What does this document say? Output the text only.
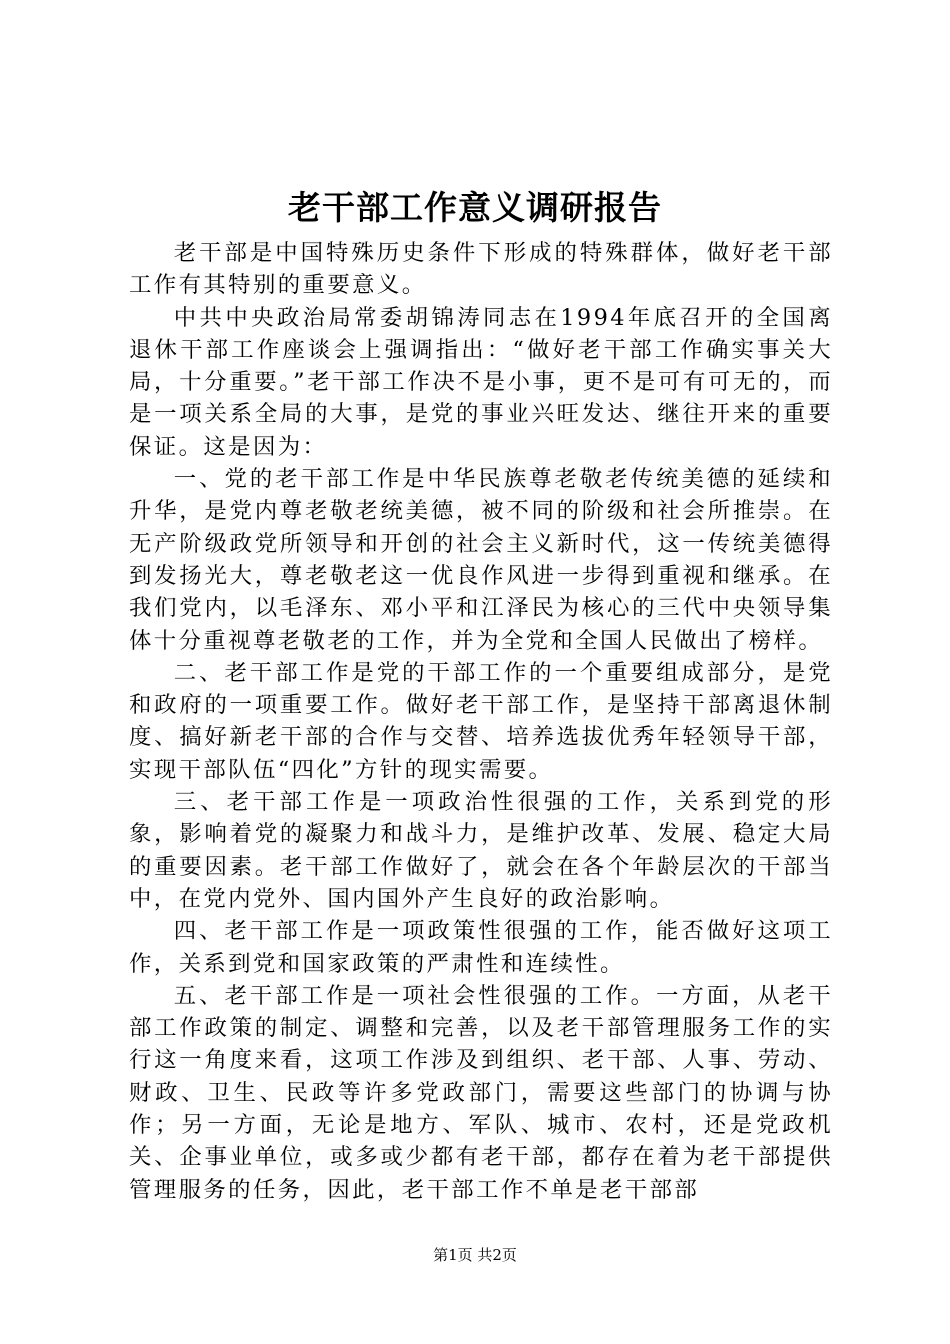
老干部工作意义调研报告

老干部是中国特殊历史条件下形成的特殊群体，做好老干部工作有其特别的重要意义。

中共中央政治局常委胡锦涛同志在1994年底召开的全国离退休干部工作座谈会上强调指出：“做好老干部工作确实事关大局，十分重要。”老干部工作决不是小事，更不是可有可无的，而是一项关系全局的大事，是党的事业兴旺发达、继往开来的重要保证。这是因为：

一、党的老干部工作是中华民族尊老敬老传统美德的延续和升华，是党内尊老敬老统美德，被不同的阶级和社会所推崇。在无产阶级政党所领导和开创的社会主义新时代，这一传统美德得到发扬光大，尊老敬老这一优良作风进一步得到重视和继承。在我们党内，以毛泽东、邓小平和江泽民为核心的三代中央领导集体十分重视尊老敬老的工作，并为全党和全国人民做出了榜样。

二、老干部工作是党的干部工作的一个重要组成部分，是党和政府的一项重要工作。做好老干部工作，是坚持干部离退休制度、搞好新老干部的合作与交替、培养选拔优秀年轻领导干部，实现干部队伍“四化”方针的现实需要。

三、老干部工作是一项政治性很强的工作，关系到党的形象，影响着党的凝聚力和战斗力，是维护改革、发展、稳定大局的重要因素。老干部工作做好了，就会在各个年龄层次的干部当中，在党内党外、国内国外产生良好的政治影响。

四、老干部工作是一项政策性很强的工作，能否做好这项工作，关系到党和国家政策的严肃性和连续性。

五、老干部工作是一项社会性很强的工作。一方面，从老干部工作政策的制定、调整和完善，以及老干部管理服务工作的实行这一角度来看，这项工作涉及到组织、老干部、人事、劳动、财政、卫生、民政等许多党政部门，需要这些部门的协调与协作；另一方面，无论是地方、军队、城市、农村，还是党政机关、企事业单位，或多或少都有老干部，都存在着为老干部提供管理服务的任务，因此，老干部工作不单是老干部部

第1页 共2页
